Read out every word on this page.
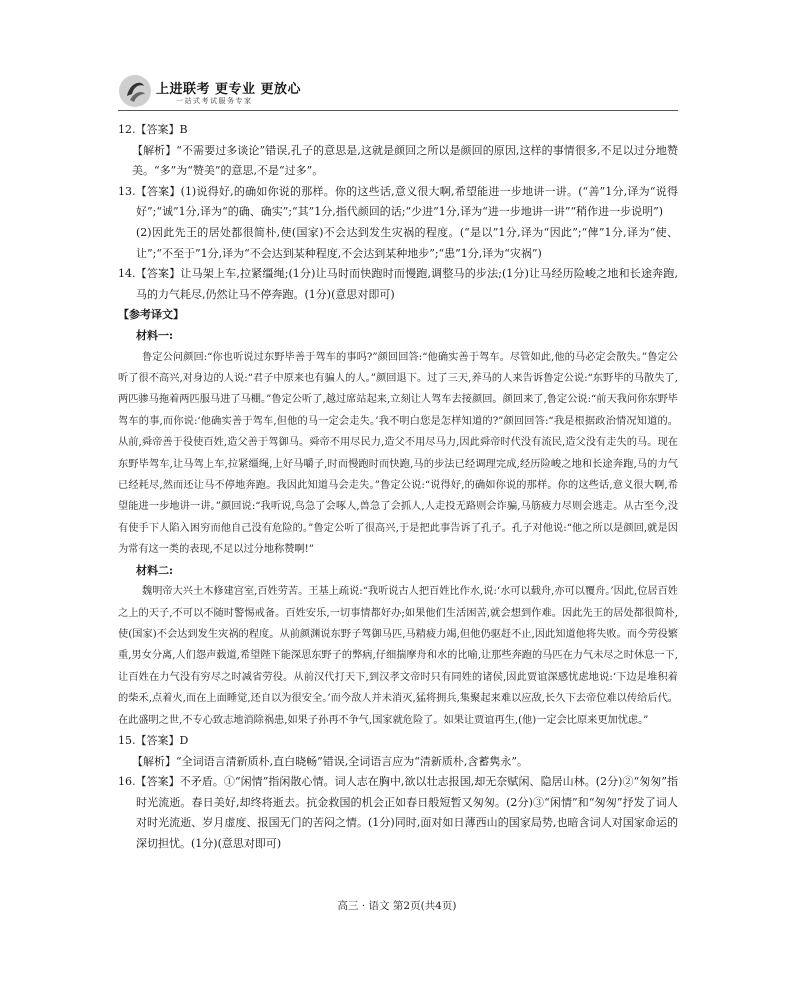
上进联考 更专业 更放心
一站式考试服务专家

12.【答案】B

【解析】“不需要过多谈论”错误,孔子的意思是,这就是颜回之所以是颜回的原因,这样的事情很多,不足以过分地赞美。“多”为“赞美”的意思,不是“过多”。

13.【答案】(1)说得好,的确如你说的那样。你的这些话,意义很大啊,希望能进一步地讲一讲。(“善”1分,译为“说得好”;“诚”1分,译为“的确、确实”;“其”1分,指代颜回的话;“少进”1分,译为“进一步地讲一讲”“稍作进一步说明”)

(2)因此先王的居处都很简朴,使(国家)不会达到发生灾祸的程度。(“是以”1分,译为“因此”;“俾”1分,译为“使、让”;“不至于”1分,译为“不会达到某种程度,不会达到某种地步”;“患”1分,译为“灾祸”)

14.【答案】让马架上车,拉紧缰绳;(1分)让马时而快跑时而慢跑,调整马的步法;(1分)让马经历险峻之地和长途奔跑,马的力气耗尽,仍然让马不停奔跑。(1分)(意思对即可)

【参考译文】

材料一:

鲁定公问颜回:“你也听说过东野毕善于驾车的事吗?”颜回回答:“他确实善于驾车。尽管如此,他的马必定会散失。”鲁定公听了很不高兴,对身边的人说:“君子中原来也有骗人的人。”颜回退下。过了三天,养马的人来告诉鲁定公说:“东野毕的马散失了,两匹骖马拖着两匹服马进了马棚。”鲁定公听了,越过席站起来,立刻让人驾车去接颜回。颜回来了,鲁定公说:“前天我问你东野毕驾车的事,而你说:‘他确实善于驾车,但他的马一定会走失。’我不明白您是怎样知道的?”颜回回答:“我是根据政治情况知道的。从前,舜帝善于役使百姓,造父善于驾御马。舜帝不用尽民力,造父不用尽马力,因此舜帝时代没有流民,造父没有走失的马。现在东野毕驾车,让马驾上车,拉紧缰绳,上好马嚼子,时而慢跑时而快跑,马的步法已经调理完成,经历险峻之地和长途奔跑,马的力气已经耗尽,然而还让马不停地奔跑。我因此知道马会走失。”鲁定公说:“说得好,的确如你说的那样。你的这些话,意义很大啊,希望能进一步地讲一讲。”颜回说:“我听说,鸟急了会啄人,兽急了会抓人,人走投无路则会诈骗,马筋疲力尽则会逃走。从古至今,没有使手下人陷入困穷而他自己没有危险的。”鲁定公听了很高兴,于是把此事告诉了孔子。孔子对他说:“他之所以是颜回,就是因为常有这一类的表现,不足以过分地称赞啊!”

材料二:

魏明帝大兴土木修建宫室,百姓劳苦。王基上疏说:“我听说古人把百姓比作水,说:‘水可以载舟,亦可以覆舟。’因此,位居百姓之上的天子,不可以不随时警惕戒备。百姓安乐,一切事情都好办;如果他们生活困苦,就会想到作难。因此先王的居处都很简朴,使(国家)不会达到发生灾祸的程度。从前颜渊说东野子驾御马匹,马精疲力竭,但他仍驱赶不止,因此知道他将失败。而今劳役繁重,男女分离,人们怨声载道,希望陛下能深思东野子的弊病,仔细揣摩舟和水的比喻,让那些奔跑的马匹在力气未尽之时休息一下,让百姓在力气没有穷尽之时减省劳役。从前汉代打天下,到汉孝文帝时只有同姓的诸侯,因此贾谊深感忧虑地说:‘下边是堆积着的柴禾,点着火,而在上面睡觉,还自以为很安全。’而今敌人并未消灭,猛将拥兵,集聚起来难以应敌,长久下去帝位难以传给后代。在此盛明之世,不专心致志地消除祸患,如果子孙再不争气,国家就危险了。如果让贾谊再生,(他)一定会比原来更加忧虑。”

15.【答案】D

【解析】“全词语言清新质朴,直白晓畅”错误,全词语言应为“清新质朴,含蓄隽永”。

16.【答案】不矛盾。①“闲情”指闲散心情。词人志在胸中,欲以壮志报国,却无奈赋闲、隐居山林。(2分)②“匆匆”指时光流逝。春日美好,却终将逝去。抗金救国的机会正如春日般短暂又匆匆。(2分)③“闲情”和“匆匆”抒发了词人对时光流逝、岁月虚度、报国无门的苦闷之情。(1分)同时,面对如日薄西山的国家局势,也暗含词人对国家命运的深切担忧。(1分)(意思对即可)

高三 · 语文 第2页(共4页)
